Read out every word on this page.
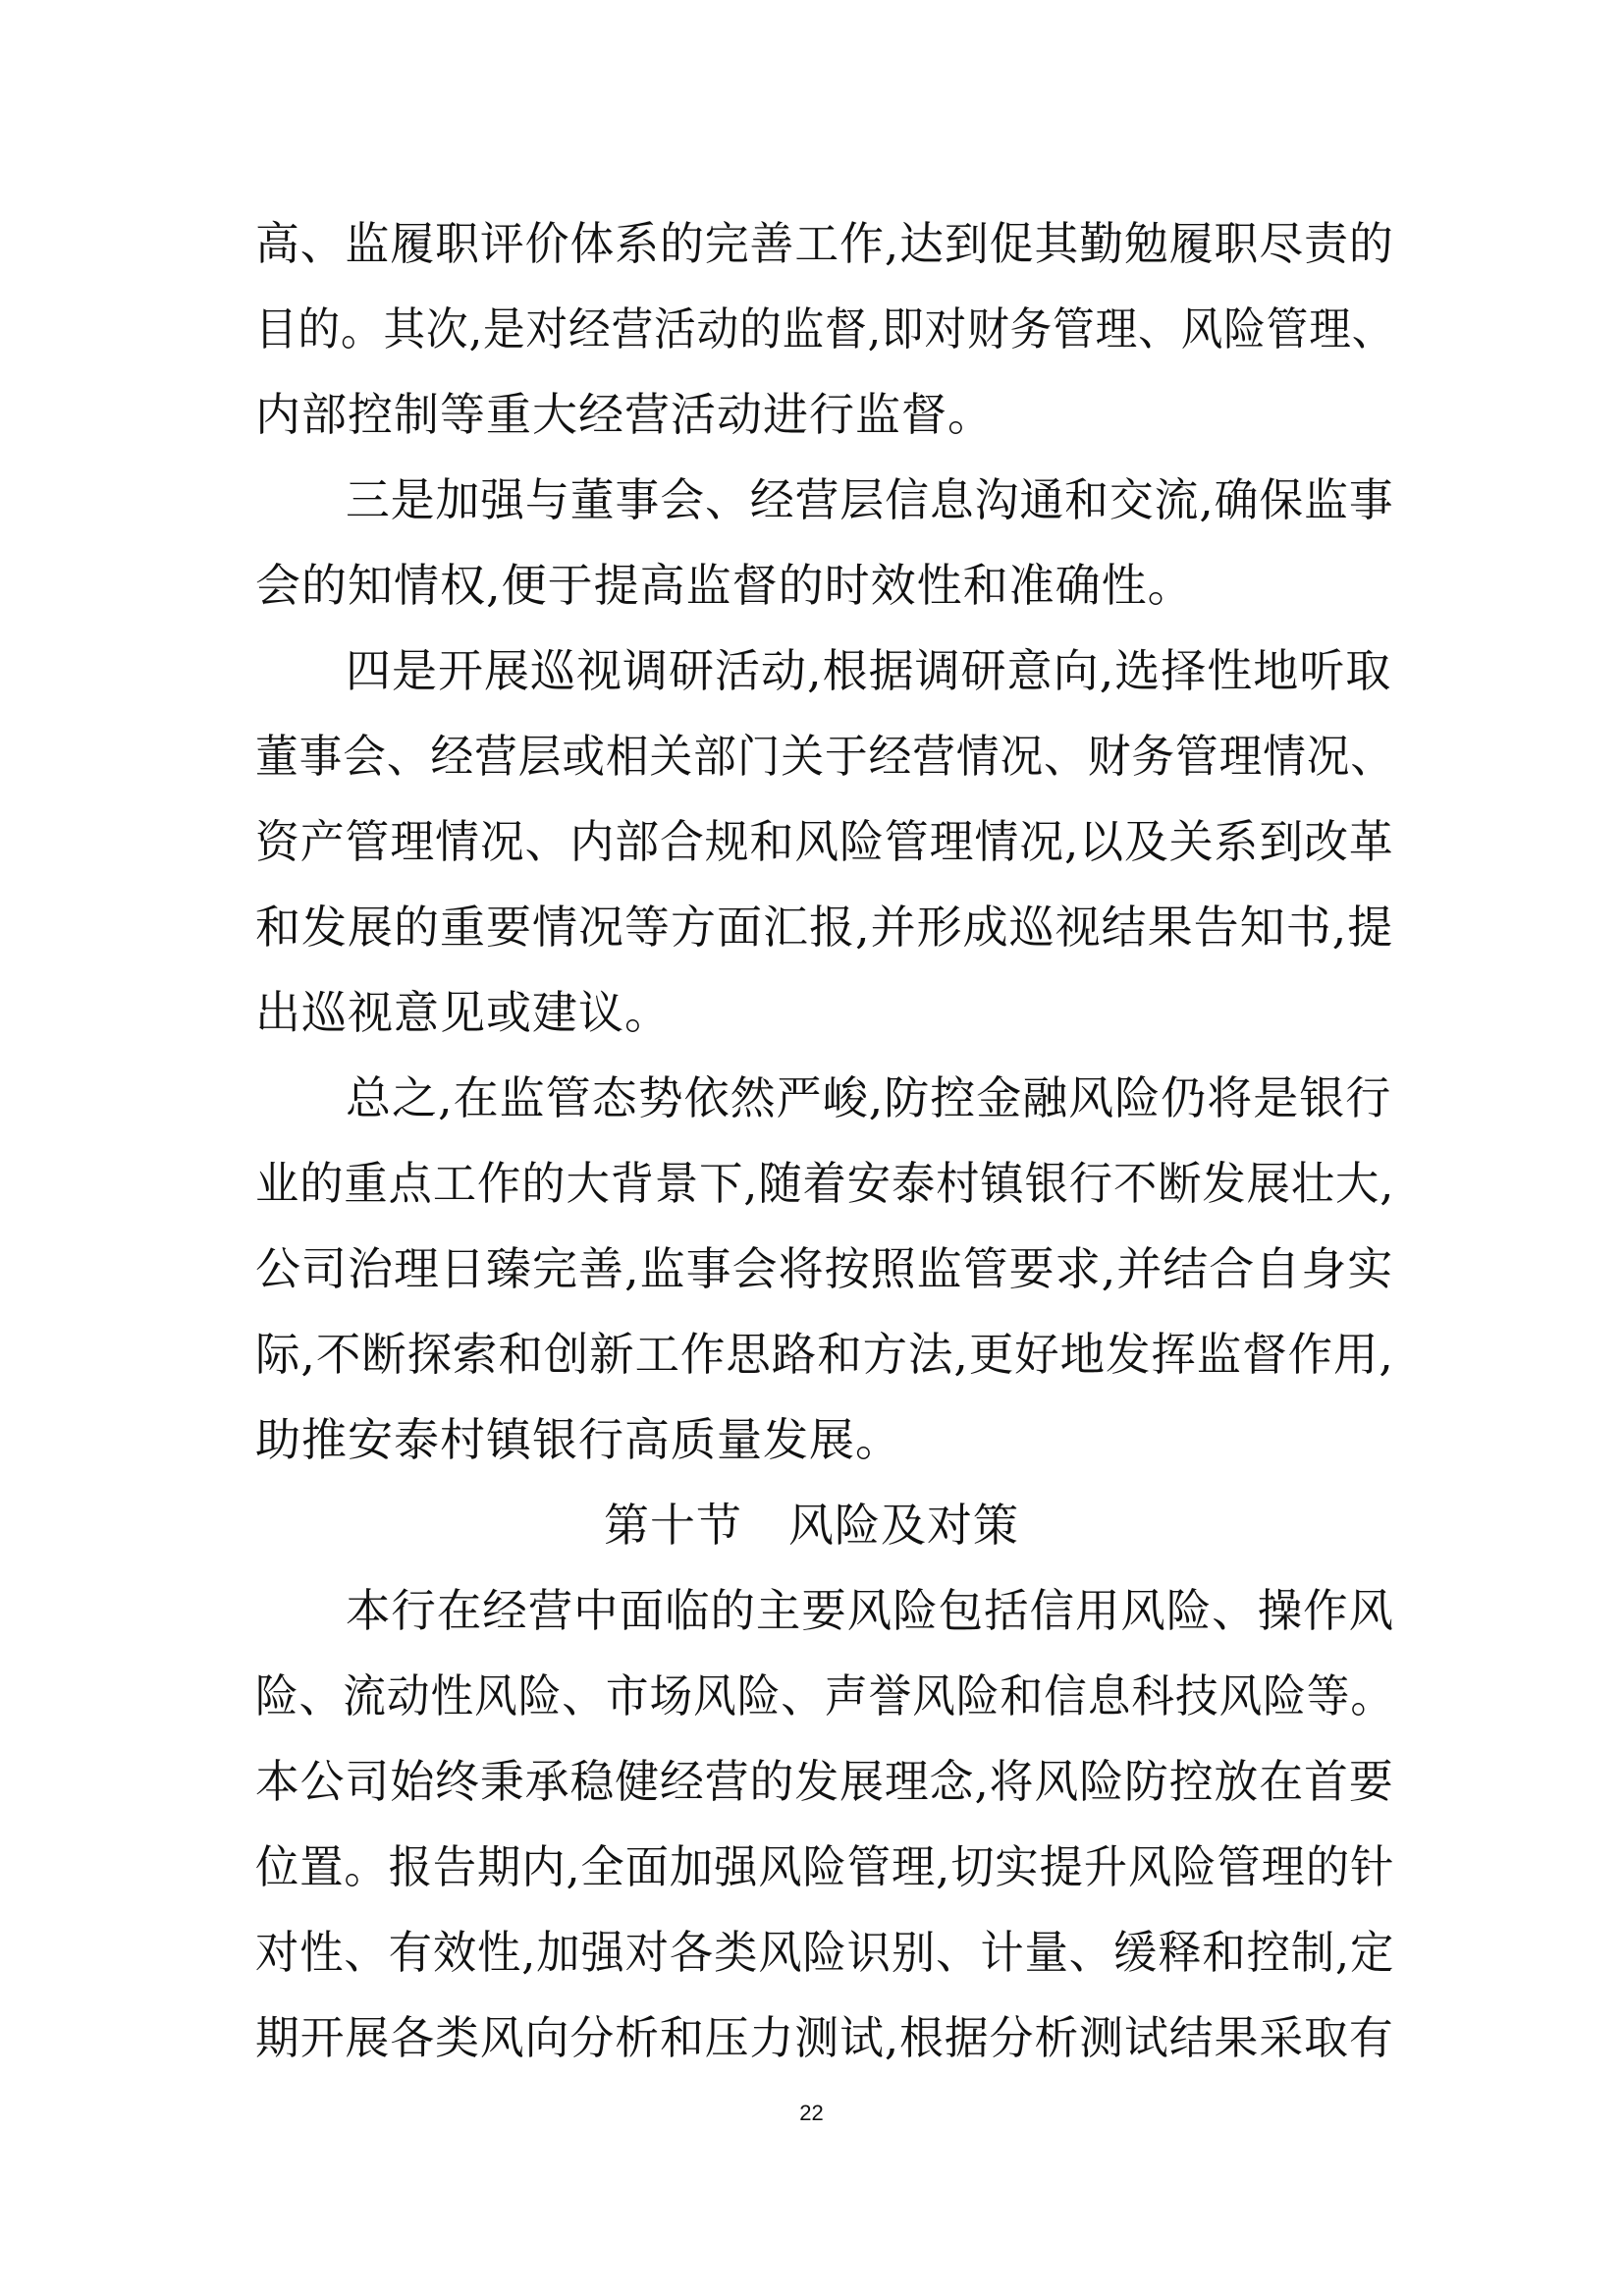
高、监履职评价体系的完善工作,达到促其勤勉履职尽责的
目的。其次,是对经营活动的监督,即对财务管理、风险管理、
内部控制等重大经营活动进行监督。
三是加强与董事会、经营层信息沟通和交流,确保监事
会的知情权,便于提高监督的时效性和准确性。
四是开展巡视调研活动,根据调研意向,选择性地听取
董事会、经营层或相关部门关于经营情况、财务管理情况、
资产管理情况、内部合规和风险管理情况,以及关系到改革
和发展的重要情况等方面汇报,并形成巡视结果告知书,提
出巡视意见或建议。
总之,在监管态势依然严峻,防控金融风险仍将是银行
业的重点工作的大背景下,随着安泰村镇银行不断发展壮大,
公司治理日臻完善,监事会将按照监管要求,并结合自身实
际,不断探索和创新工作思路和方法,更好地发挥监督作用,
助推安泰村镇银行高质量发展。
第十节　风险及对策
本行在经营中面临的主要风险包括信用风险、操作风
险、流动性风险、市场风险、声誉风险和信息科技风险等。
本公司始终秉承稳健经营的发展理念,将风险防控放在首要
位置。报告期内,全面加强风险管理,切实提升风险管理的针
对性、有效性,加强对各类风险识别、计量、缓释和控制,定
期开展各类风向分析和压力测试,根据分析测试结果采取有
22
